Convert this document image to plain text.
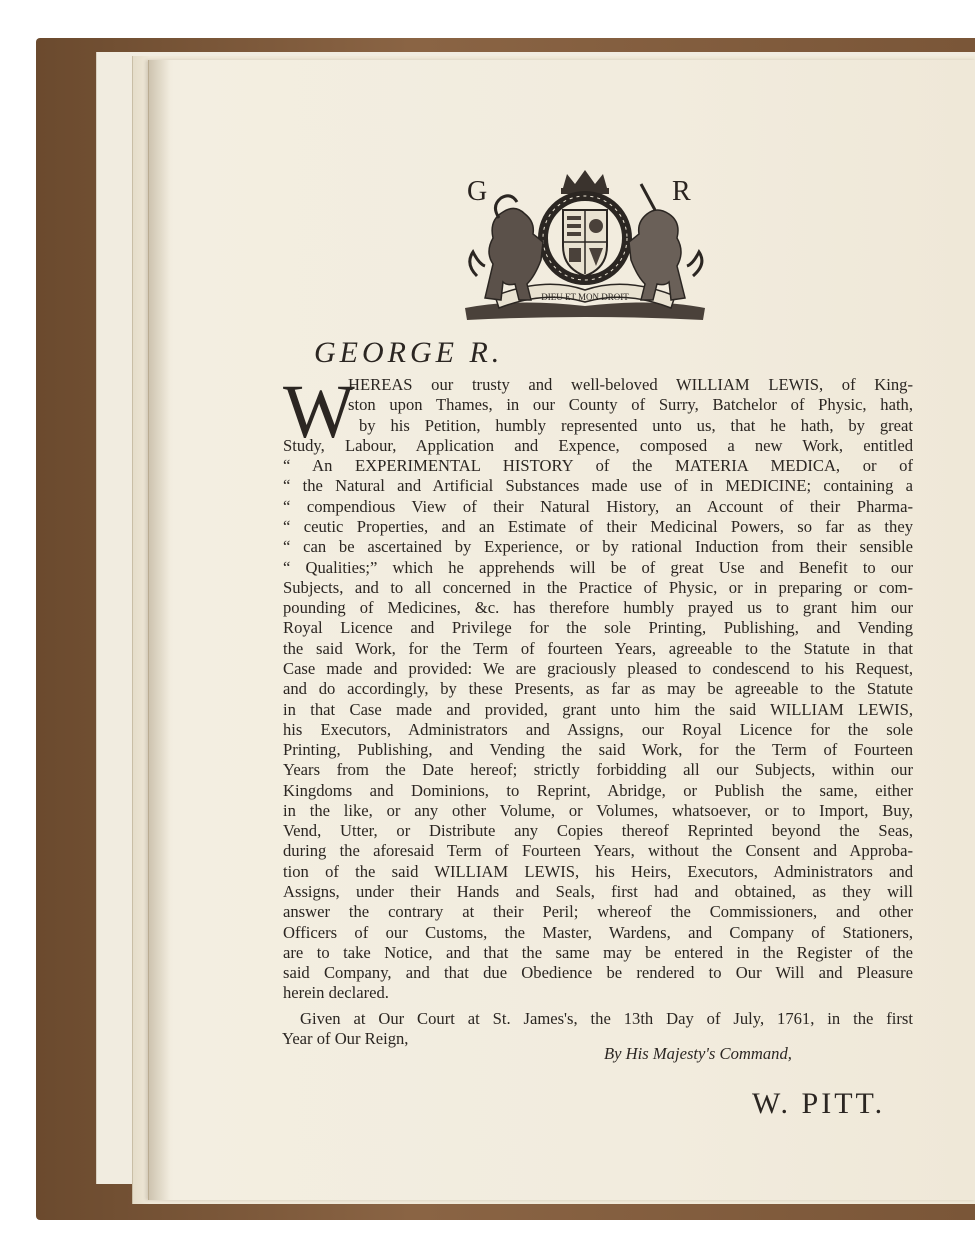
G	R
DIEU ET MON DROIT
GEORGE R.
W
HEREAS our trusty and well-beloved WILLIAM LEWIS, of King-
ston upon Thames, in our County of Surry, Batchelor of Physic, hath,
by his Petition, humbly represented unto us, that he hath, by great
Study, Labour, Application and Expence, composed a new Work, entitled
“ An EXPERIMENTAL HISTORY of the MATERIA MEDICA, or of
“ the Natural and Artificial Substances made use of in MEDICINE; containing a
“ compendious View of their Natural History, an Account of their Pharma-
“ ceutic Properties, and an Estimate of their Medicinal Powers, so far as they
“ can be ascertained by Experience, or by rational Induction from their sensible
“ Qualities;” which he apprehends will be of great Use and Benefit to our
Subjects, and to all concerned in the Practice of Physic, or in preparing or com-
pounding of Medicines, &c. has therefore humbly prayed us to grant him our
Royal Licence and Privilege for the sole Printing, Publishing, and Vending
the said Work, for the Term of fourteen Years, agreeable to the Statute in that
Case made and provided: We are graciously pleased to condescend to his Request,
and do accordingly, by these Presents, as far as may be agreeable to the Statute
in that Case made and provided, grant unto him the said WILLIAM LEWIS,
his Executors, Administrators and Assigns, our Royal Licence for the sole
Printing, Publishing, and Vending the said Work, for the Term of Fourteen
Years from the Date hereof; strictly forbidding all our Subjects, within our
Kingdoms and Dominions, to Reprint, Abridge, or Publish the same, either
in the like, or any other Volume, or Volumes, whatsoever, or to Import, Buy,
Vend, Utter, or Distribute any Copies thereof Reprinted beyond the Seas,
during the aforesaid Term of Fourteen Years, without the Consent and Approba-
tion of the said WILLIAM LEWIS, his Heirs, Executors, Administrators and
Assigns, under their Hands and Seals, first had and obtained, as they will
answer the contrary at their Peril; whereof the Commissioners, and other
Officers of our Customs, the Master, Wardens, and Company of Stationers,
are to take Notice, and that the same may be entered in the Register of the
said Company, and that due Obedience be rendered to Our Will and Pleasure
herein declared.
Given at Our Court at St. James's, the 13th Day of July, 1761, in the first
Year of Our Reign,
By His Majesty's Command,
W. PITT.
